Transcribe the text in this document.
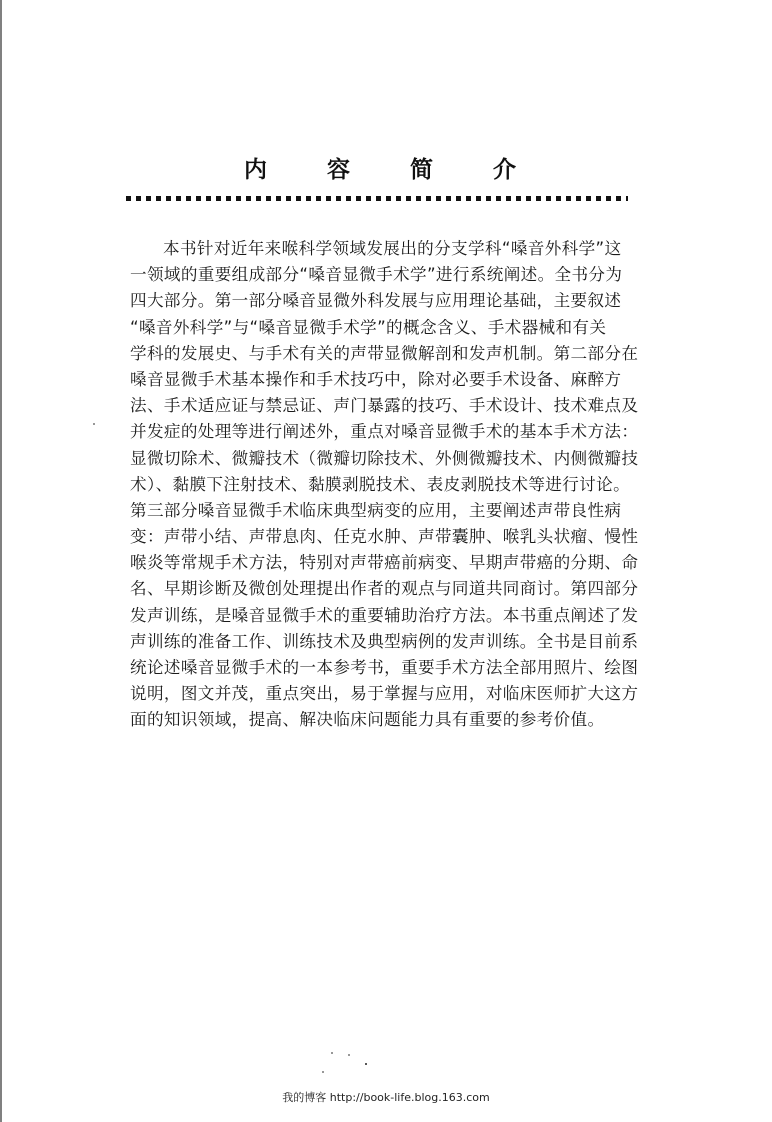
内 容 简 介
本书针对近年来喉科学领域发展出的分支学科“嗓音外科学”这
一领域的重要组成部分“嗓音显微手术学”进行系统阐述。全书分为
四大部分。第一部分嗓音显微外科发展与应用理论基础，主要叙述
“嗓音外科学”与“嗓音显微手术学”的概念含义、手术器械和有关
学科的发展史、与手术有关的声带显微解剖和发声机制。第二部分在
嗓音显微手术基本操作和手术技巧中，除对必要手术设备、麻醉方
法、手术适应证与禁忌证、声门暴露的技巧、手术设计、技术难点及
并发症的处理等进行阐述外，重点对嗓音显微手术的基本手术方法：
显微切除术、微瓣技术（微瓣切除技术、外侧微瓣技术、内侧微瓣技
术）、黏膜下注射技术、黏膜剥脱技术、表皮剥脱技术等进行讨论。
第三部分嗓音显微手术临床典型病变的应用，主要阐述声带良性病
变：声带小结、声带息肉、任克水肿、声带囊肿、喉乳头状瘤、慢性
喉炎等常规手术方法，特别对声带癌前病变、早期声带癌的分期、命
名、早期诊断及微创处理提出作者的观点与同道共同商讨。第四部分
发声训练，是嗓音显微手术的重要辅助治疗方法。本书重点阐述了发
声训练的准备工作、训练技术及典型病例的发声训练。全书是目前系
统论述嗓音显微手术的一本参考书，重要手术方法全部用照片、绘图
说明，图文并茂，重点突出，易于掌握与应用，对临床医师扩大这方
面的知识领域，提高、解决临床问题能力具有重要的参考价值。
我的博客 http://book-life.blog.163.com
